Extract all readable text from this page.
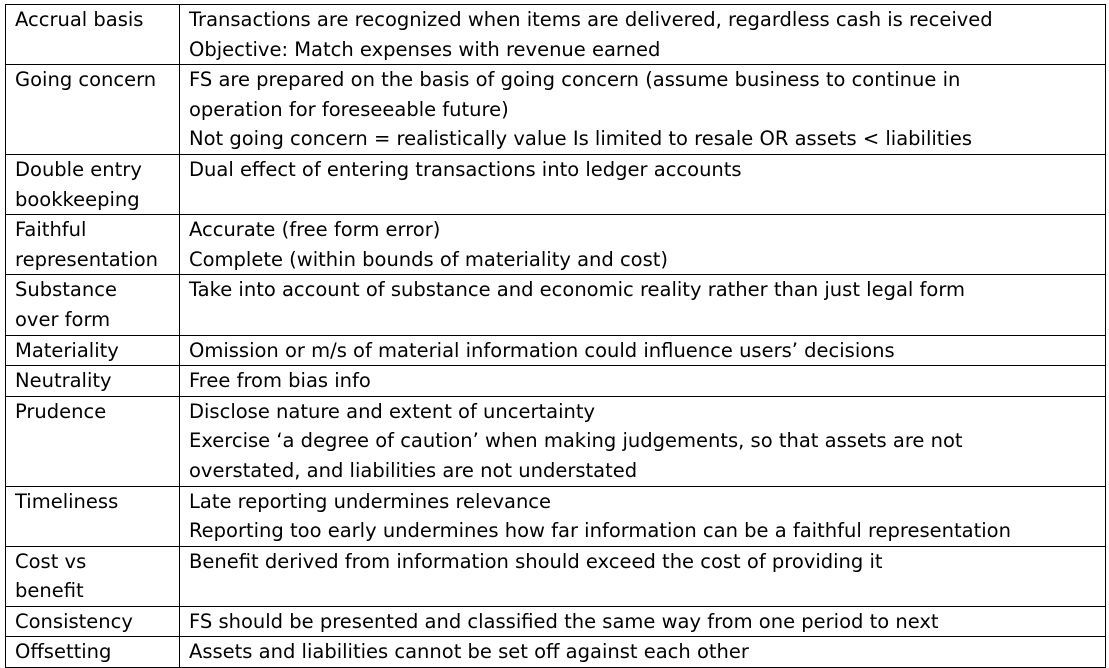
Accrual basis	Transactions are recognized when items are delivered, regardless cash is received
Objective: Match expenses with revenue earned

Going concern	FS are prepared on the basis of going concern (assume business to continue in
operation for foreseeable future)
Not going concern = realistically value Is limited to resale OR assets < liabilities

Double entry
bookkeeping	Dual effect of entering transactions into ledger accounts

Faithful
representation	Accurate (free form error)
Complete (within bounds of materiality and cost)

Substance
over form	Take into account of substance and economic reality rather than just legal form

Materiality	Omission or m/s of material information could influence users’ decisions

Neutrality	Free from bias info

Prudence	Disclose nature and extent of uncertainty
Exercise ‘a degree of caution’ when making judgements, so that assets are not
overstated, and liabilities are not understated

Timeliness	Late reporting undermines relevance
Reporting too early undermines how far information can be a faithful representation

Cost vs
benefit	Benefit derived from information should exceed the cost of providing it

Consistency	FS should be presented and classified the same way from one period to next

Offsetting	Assets and liabilities cannot be set off against each other
